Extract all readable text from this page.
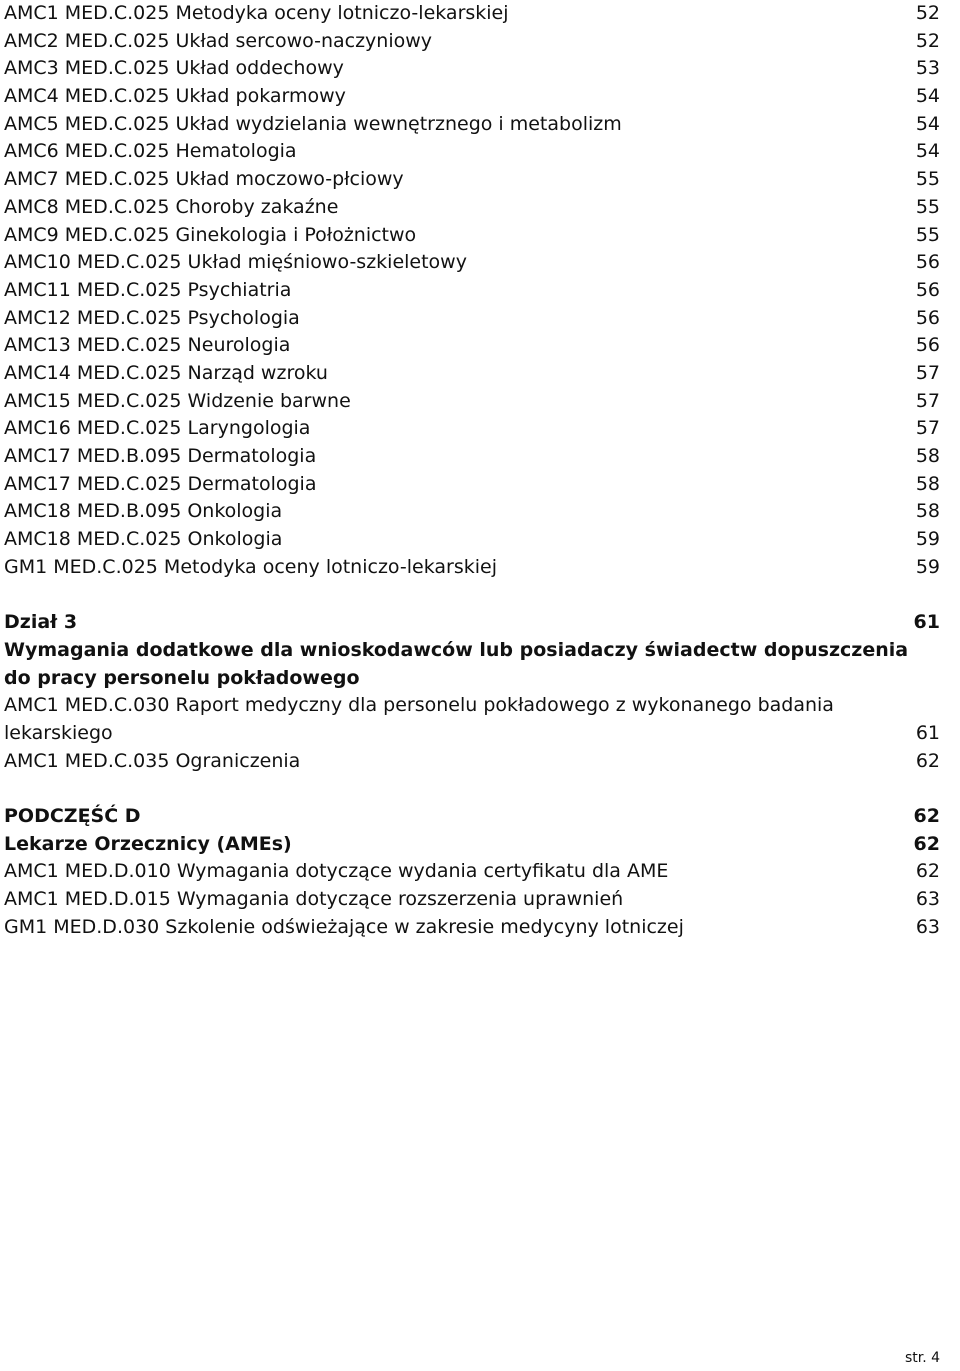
AMC1 MED.C.025 Metodyka oceny lotniczo-lekarskiej	52
AMC2 MED.C.025 Układ sercowo-naczyniowy	52
AMC3 MED.C.025 Układ oddechowy	53
AMC4 MED.C.025 Układ pokarmowy	54
AMC5 MED.C.025 Układ wydzielania wewnętrznego i metabolizm	54
AMC6 MED.C.025 Hematologia	54
AMC7 MED.C.025 Układ moczowo-płciowy	55
AMC8 MED.C.025 Choroby zakaźne	55
AMC9 MED.C.025 Ginekologia i Położnictwo	55
AMC10 MED.C.025 Układ mięśniowo-szkieletowy	56
AMC11 MED.C.025 Psychiatria	56
AMC12 MED.C.025 Psychologia	56
AMC13 MED.C.025 Neurologia	56
AMC14 MED.C.025 Narząd wzroku	57
AMC15 MED.C.025 Widzenie barwne	57
AMC16 MED.C.025 Laryngologia	57
AMC17 MED.B.095 Dermatologia	58
AMC17 MED.C.025 Dermatologia	58
AMC18 MED.B.095 Onkologia	58
AMC18 MED.C.025 Onkologia	59
GM1 MED.C.025 Metodyka oceny lotniczo-lekarskiej	59
Dział 3	61
Wymagania dodatkowe dla wnioskodawców lub posiadaczy świadectw dopuszczenia
do pracy personelu pokładowego
AMC1 MED.C.030 Raport medyczny dla personelu pokładowego z wykonanego badania
lekarskiego	61
AMC1 MED.C.035 Ograniczenia	62
PODCZĘŚĆ D	62
Lekarze Orzecznicy (AMEs)	62
AMC1 MED.D.010 Wymagania dotyczące wydania certyfikatu dla AME	62
AMC1 MED.D.015 Wymagania dotyczące rozszerzenia uprawnień	63
GM1 MED.D.030 Szkolenie odświeżające w zakresie medycyny lotniczej	63
str. 4
